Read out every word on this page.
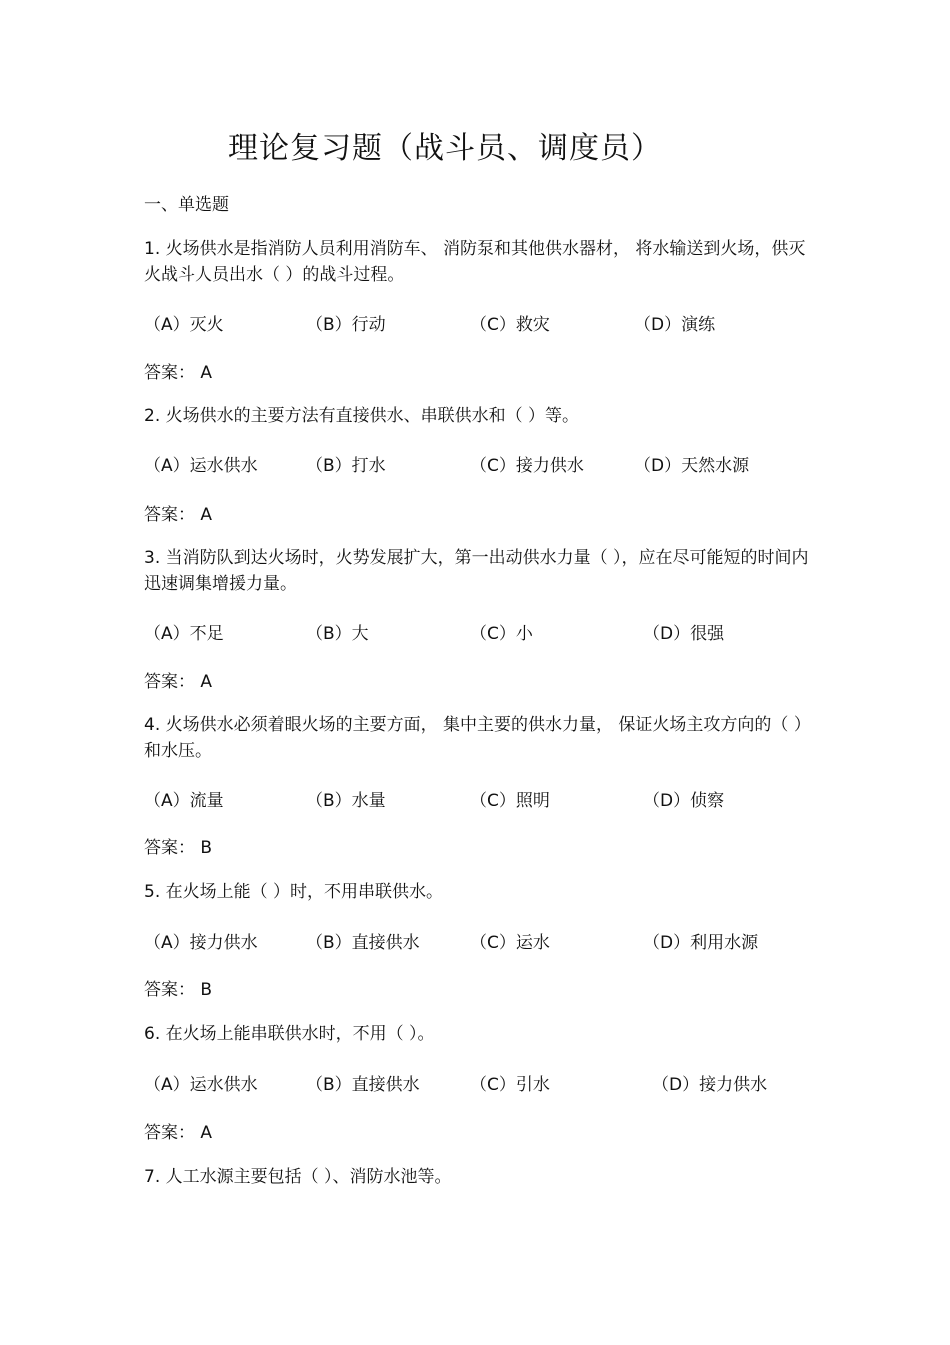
理论复习题（战斗员、调度员）
一、单选题
1. 火场供水是指消防人员利用消防车、 消防泵和其他供水器材， 将水输送到火场，供灭火战斗人员出水（ ）的战斗过程。
（A）灭火	（B）行动	（C）救灾	（D）演练
答案： A
2. 火场供水的主要方法有直接供水、串联供水和（ ）等。
（A）运水供水	（B）打水	（C）接力供水	（D）天然水源
答案： A
3. 当消防队到达火场时，火势发展扩大，第一出动供水力量（ ），应在尽可能短的时间内迅速调集增援力量。
（A）不足	（B）大	（C）小	（D）很强
答案： A
4. 火场供水必须着眼火场的主要方面， 集中主要的供水力量， 保证火场主攻方向的（ ）和水压。
（A）流量	（B）水量	（C）照明	（D）侦察
答案： B
5. 在火场上能（ ）时，不用串联供水。
（A）接力供水	（B）直接供水	（C）运水	（D）利用水源
答案： B
6. 在火场上能串联供水时，不用（ ）。
（A）运水供水	（B）直接供水	（C）引水	（D）接力供水
答案： A
7. 人工水源主要包括（ ）、消防水池等。
